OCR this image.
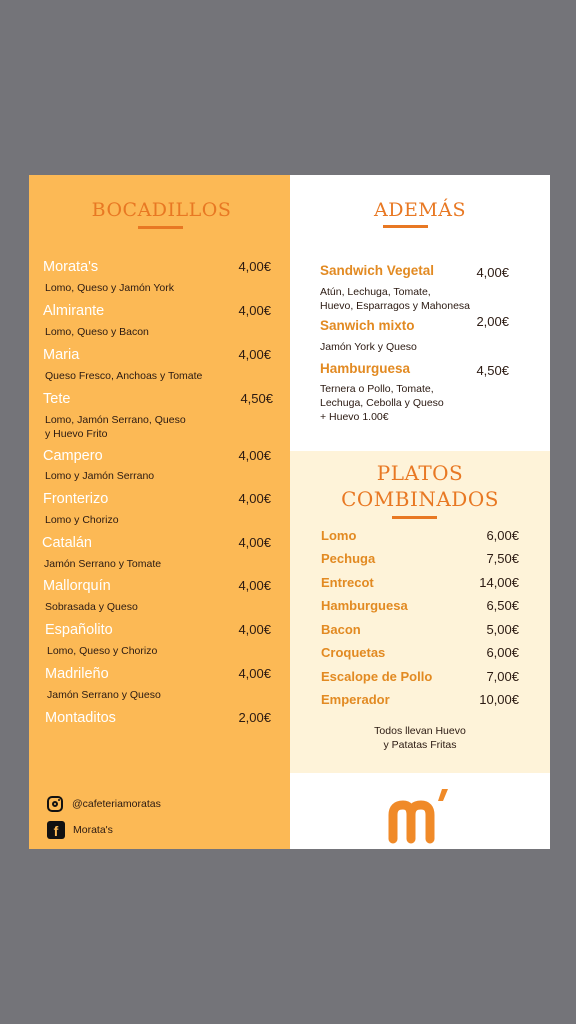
BOCADILLOS
Morata's	4,00€
Lomo, Queso y Jamón York
Almirante	4,00€
Lomo, Queso y Bacon
Maria	4,00€
Queso Fresco, Anchoas y Tomate
Tete	4,50€
Lomo, Jamón Serrano, Queso
y Huevo Frito
Campero	4,00€
Lomo y Jamón Serrano
Fronterizo	4,00€
Lomo y Chorizo
Catalán	4,00€
Jamón Serrano y Tomate
Mallorquín	4,00€
Sobrasada y Queso
Españolito	4,00€
Lomo, Queso y Chorizo
Madrileño	4,00€
Jamón Serrano y Queso
Montaditos	2,00€
@cafeteriamoratas
f	Morata's
ADEMÁS
Sandwich Vegetal	4,00€
Atún, Lechuga, Tomate,
Huevo, Esparragos y Mahonesa
Sanwich mixto	2,00€
Jamón York y Queso
Hamburguesa	4,50€
Ternera o Pollo, Tomate,
Lechuga, Cebolla y Queso
+ Huevo 1.00€
PLATOS
COMBINADOS
Lomo	6,00€
Pechuga	7,50€
Entrecot	14,00€
Hamburguesa	6,50€
Bacon	5,00€
Croquetas	6,00€
Escalope de Pollo	7,00€
Emperador	10,00€
Todos llevan Huevo
y Patatas Fritas
